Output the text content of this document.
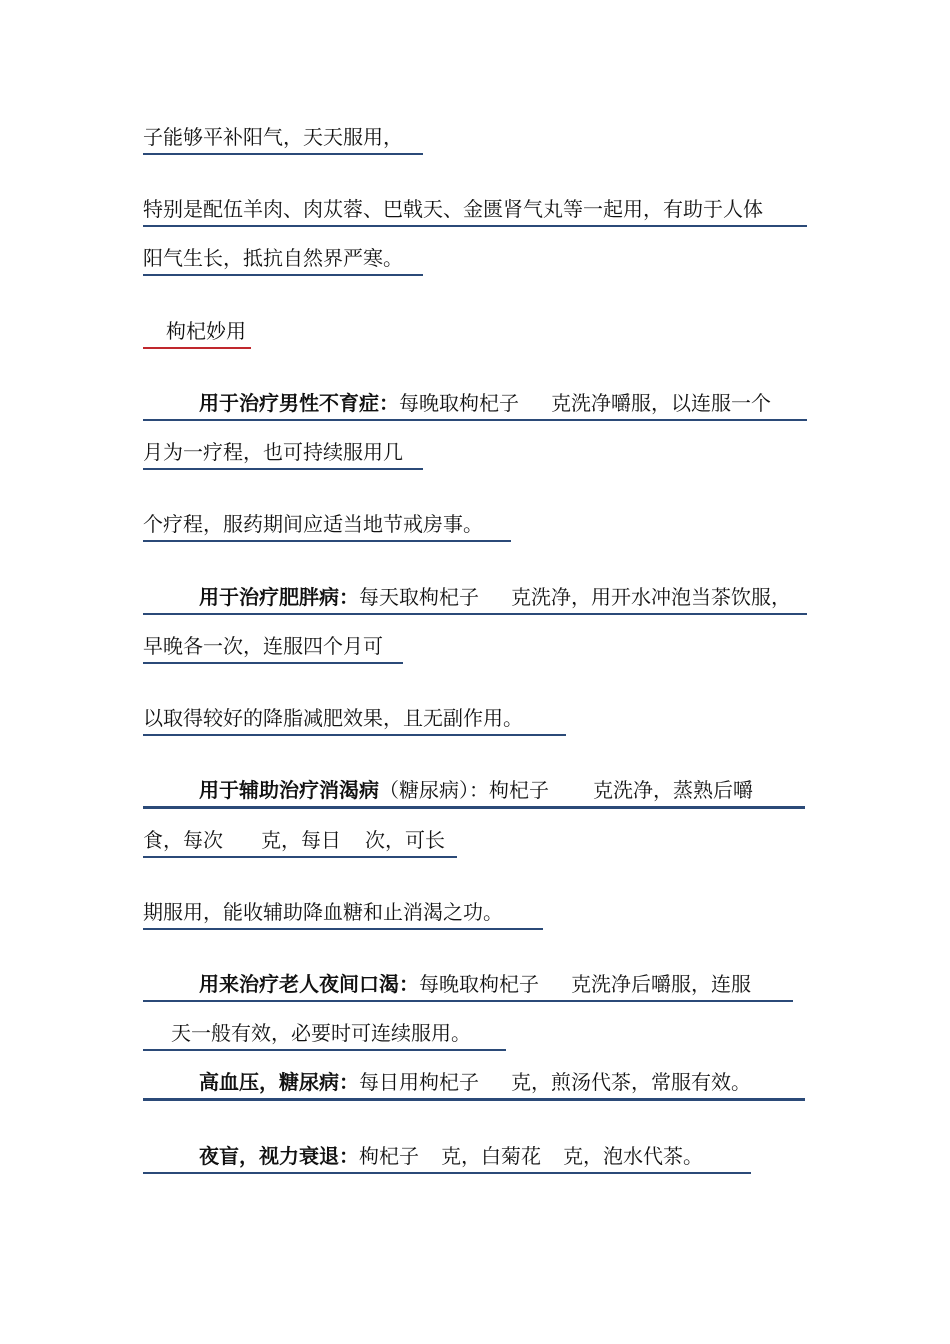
子能够平补阳气，天天服用，
特别是配伍羊肉、肉苁蓉、巴戟天、金匮肾气丸等一起用，有助于人体
阳气生长，抵抗自然界严寒。
枸杞妙用
用于治疗男性不育症：每晚取枸杞子 克洗净嚼服，以连服一个
月为一疗程，也可持续服用几
个疗程，服药期间应适当地节戒房事。
用于治疗肥胖病：每天取枸杞子 克洗净，用开水冲泡当茶饮服，
早晚各一次，连服四个月可
以取得较好的降脂减肥效果，且无副作用。
用于辅助治疗消渴病（糖尿病）：枸杞子 克洗净，蒸熟后嚼
食，每次 克，每日 次，可长
期服用，能收辅助降血糖和止消渴之功。
用来治疗老人夜间口渴：每晚取枸杞子 克洗净后嚼服，连服
天一般有效，必要时可连续服用。
高血压，糖尿病：每日用枸杞子 克，煎汤代茶，常服有效。
夜盲，视力衰退：枸杞子 克，白菊花 克，泡水代茶。
